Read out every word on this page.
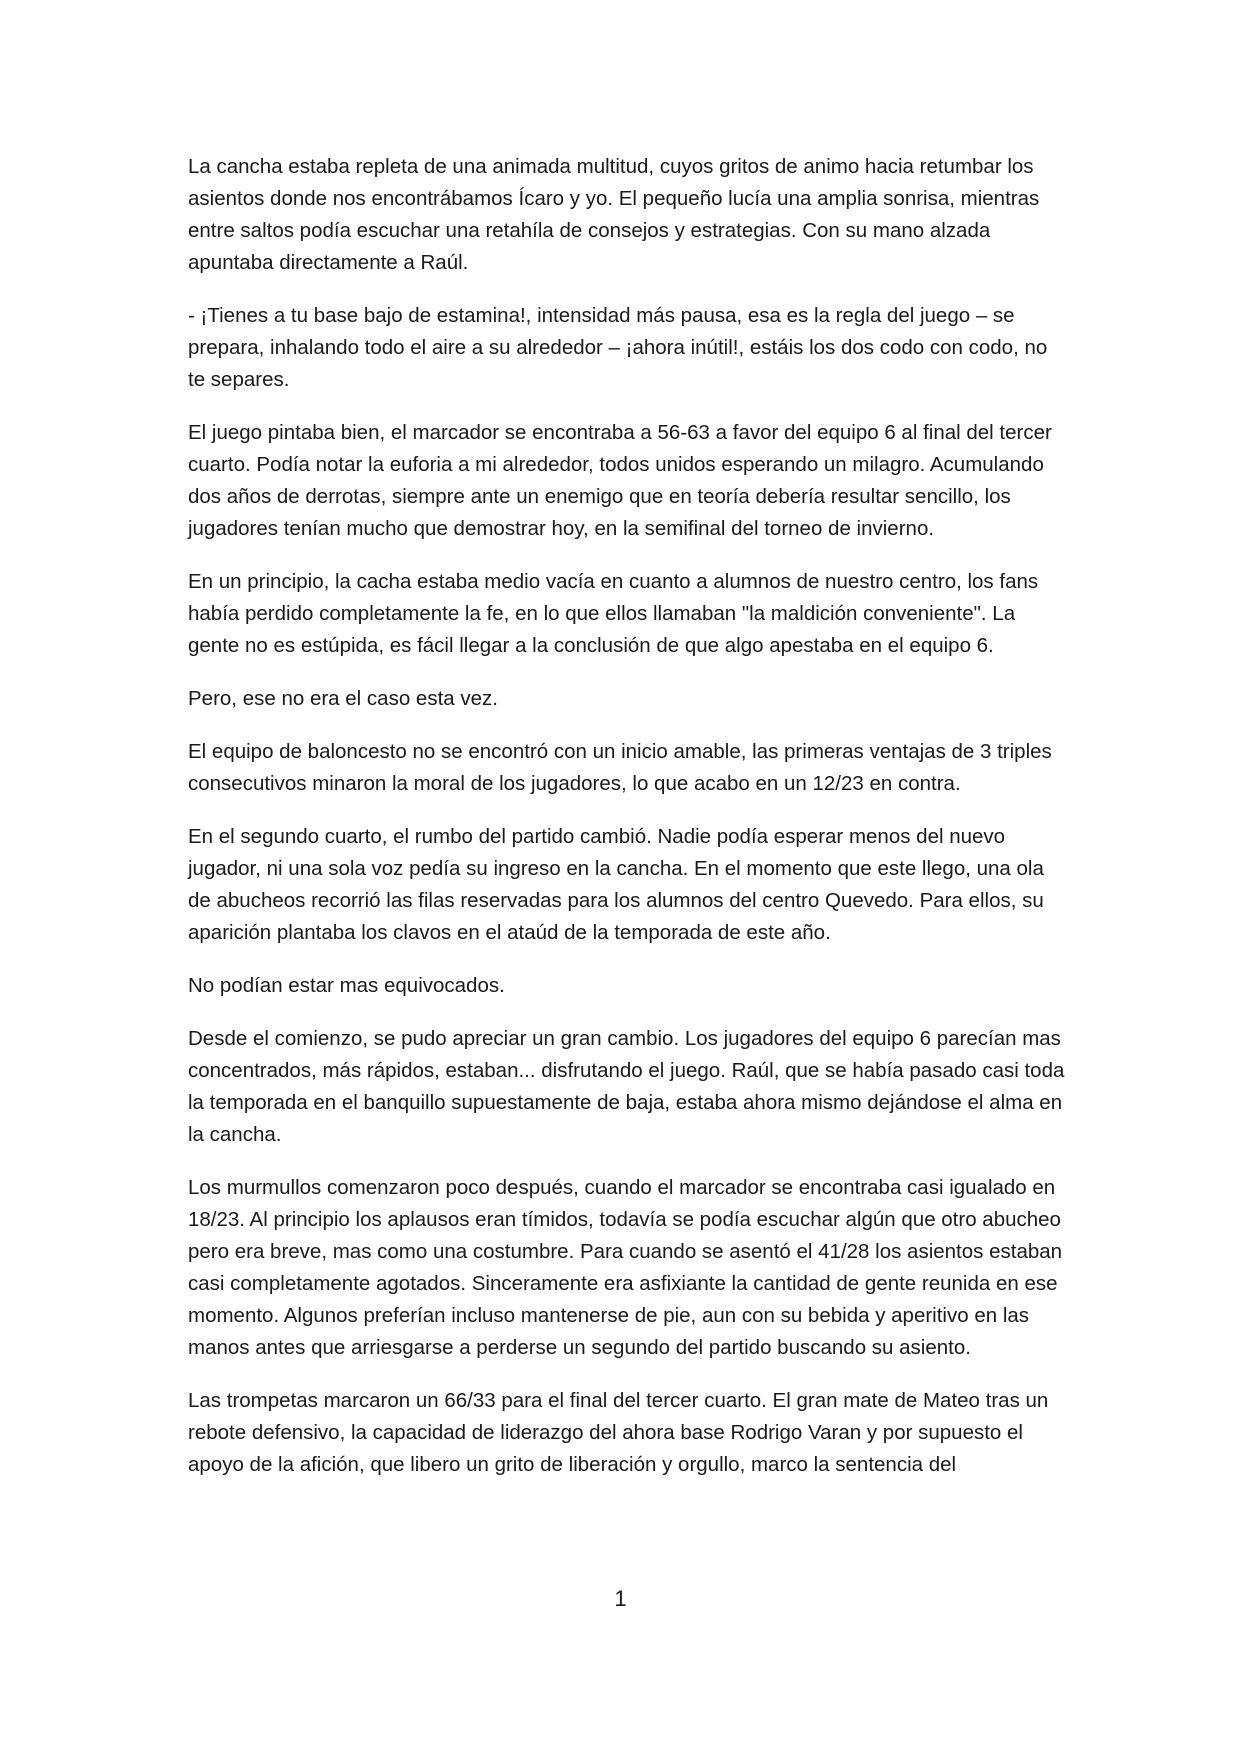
La cancha estaba repleta de una animada multitud, cuyos gritos de animo hacia retumbar los asientos donde nos encontrábamos Ícaro y yo. El pequeño lucía una amplia sonrisa, mientras entre saltos podía escuchar una retahíla de consejos y estrategias. Con su mano alzada apuntaba directamente a Raúl.

- ¡Tienes a tu base bajo de estamina!, intensidad más pausa, esa es la regla del juego – se prepara, inhalando todo el aire a su alrededor – ¡ahora inútil!, estáis los dos codo con codo, no te separes.

El juego pintaba bien, el marcador se encontraba a 56-63 a favor del equipo 6 al final del tercer cuarto. Podía notar la euforia a mi alrededor, todos unidos esperando un milagro. Acumulando dos años de derrotas, siempre ante un enemigo que en teoría debería resultar sencillo, los jugadores tenían mucho que demostrar hoy, en la semifinal del torneo de invierno.

En un principio, la cacha estaba medio vacía en cuanto a alumnos de nuestro centro, los fans había perdido completamente la fe, en lo que ellos llamaban "la maldición conveniente". La gente no es estúpida, es fácil llegar a la conclusión de que algo apestaba en el equipo 6.

Pero, ese no era el caso esta vez.

El equipo de baloncesto no se encontró con un inicio amable, las primeras ventajas de 3 triples consecutivos minaron la moral de los jugadores, lo que acabo en un 12/23 en contra.

En el segundo cuarto, el rumbo del partido cambió. Nadie podía esperar menos del nuevo jugador, ni una sola voz pedía su ingreso en la cancha. En el momento que este llego, una ola de abucheos recorrió las filas reservadas para los alumnos del centro Quevedo. Para ellos, su aparición plantaba los clavos en el ataúd de la temporada de este año.

No podían estar mas equivocados.

Desde el comienzo, se pudo apreciar un gran cambio. Los jugadores del equipo 6 parecían mas concentrados, más rápidos, estaban... disfrutando el juego. Raúl, que se había pasado casi toda la temporada en el banquillo supuestamente de baja, estaba ahora mismo dejándose el alma en la cancha.

Los murmullos comenzaron poco después, cuando el marcador se encontraba casi igualado en 18/23. Al principio los aplausos eran tímidos, todavía se podía escuchar algún que otro abucheo pero era breve, mas como una costumbre. Para cuando se asentó el 41/28 los asientos estaban casi completamente agotados. Sinceramente era asfixiante la cantidad de gente reunida en ese momento. Algunos preferían incluso mantenerse de pie, aun con su bebida y aperitivo en las manos antes que arriesgarse a perderse un segundo del partido buscando su asiento.

Las trompetas marcaron un 66/33 para el final del tercer cuarto. El gran mate de Mateo tras un rebote defensivo, la capacidad de liderazgo del ahora base Rodrigo Varan y por supuesto el apoyo de la afición, que libero un grito de liberación y orgullo, marco la sentencia del

1
